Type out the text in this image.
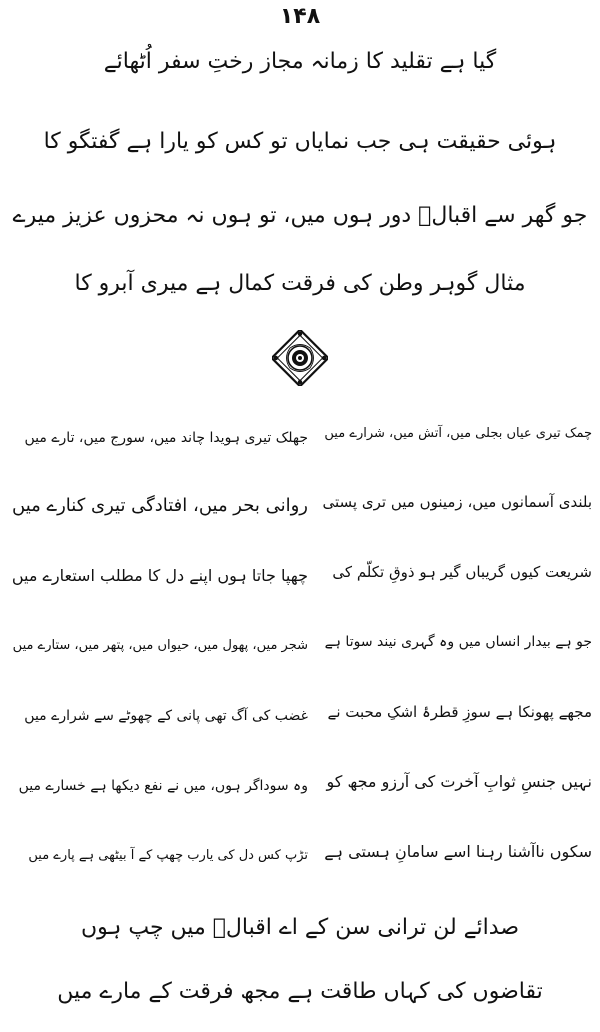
۱۴۸
گیا ہے تقلید کا زمانہ مجاز رختِ سفر اُٹھائے
ہوئی حقیقت ہی جب نمایاں تو کس کو یارا ہے گفتگو کا
جو گھر سے اقبالؔ دور ہوں میں، تو ہوں نہ محزوں عزیز میرے
مثال گوہر وطن کی فرقت کمال ہے میری آبرو کا
چمک تیری عیاں بجلی میں، آتش میں، شرارے میں
جھلک تیری ہویدا چاند میں، سورج میں، تارے میں
بلندی آسمانوں میں، زمینوں میں تری پستی
روانی بحر میں، افتادگی تیری کنارے میں
شریعت کیوں گریباں گیر ہو ذوقِ تکلّم کی
چھپا جاتا ہوں اپنے دل کا مطلب استعارے میں
جو ہے بیدار انساں میں وہ گہری نیند سوتا ہے
شجر میں، پھول میں، حیواں میں، پتھر میں، ستارے میں
مجھے پھونکا ہے سوزِ قطرۂ اشکِ محبت نے
غضب کی آگ تھی پانی کے چھوٹے سے شرارے میں
نہیں جنسِ ثوابِ آخرت کی آرزو مجھ کو
وہ سوداگر ہوں، میں نے نفع دیکھا ہے خسارے میں
سکوں ناآشنا رہنا اسے سامانِ ہستی ہے
تڑپ کس دل کی یارب چھپ کے آ بیٹھی ہے پارے میں
صدائے لن ترانی سن کے اے اقبالؔ میں چپ ہوں
تقاضوں کی کہاں طاقت ہے مجھ فرقت کے مارے میں
